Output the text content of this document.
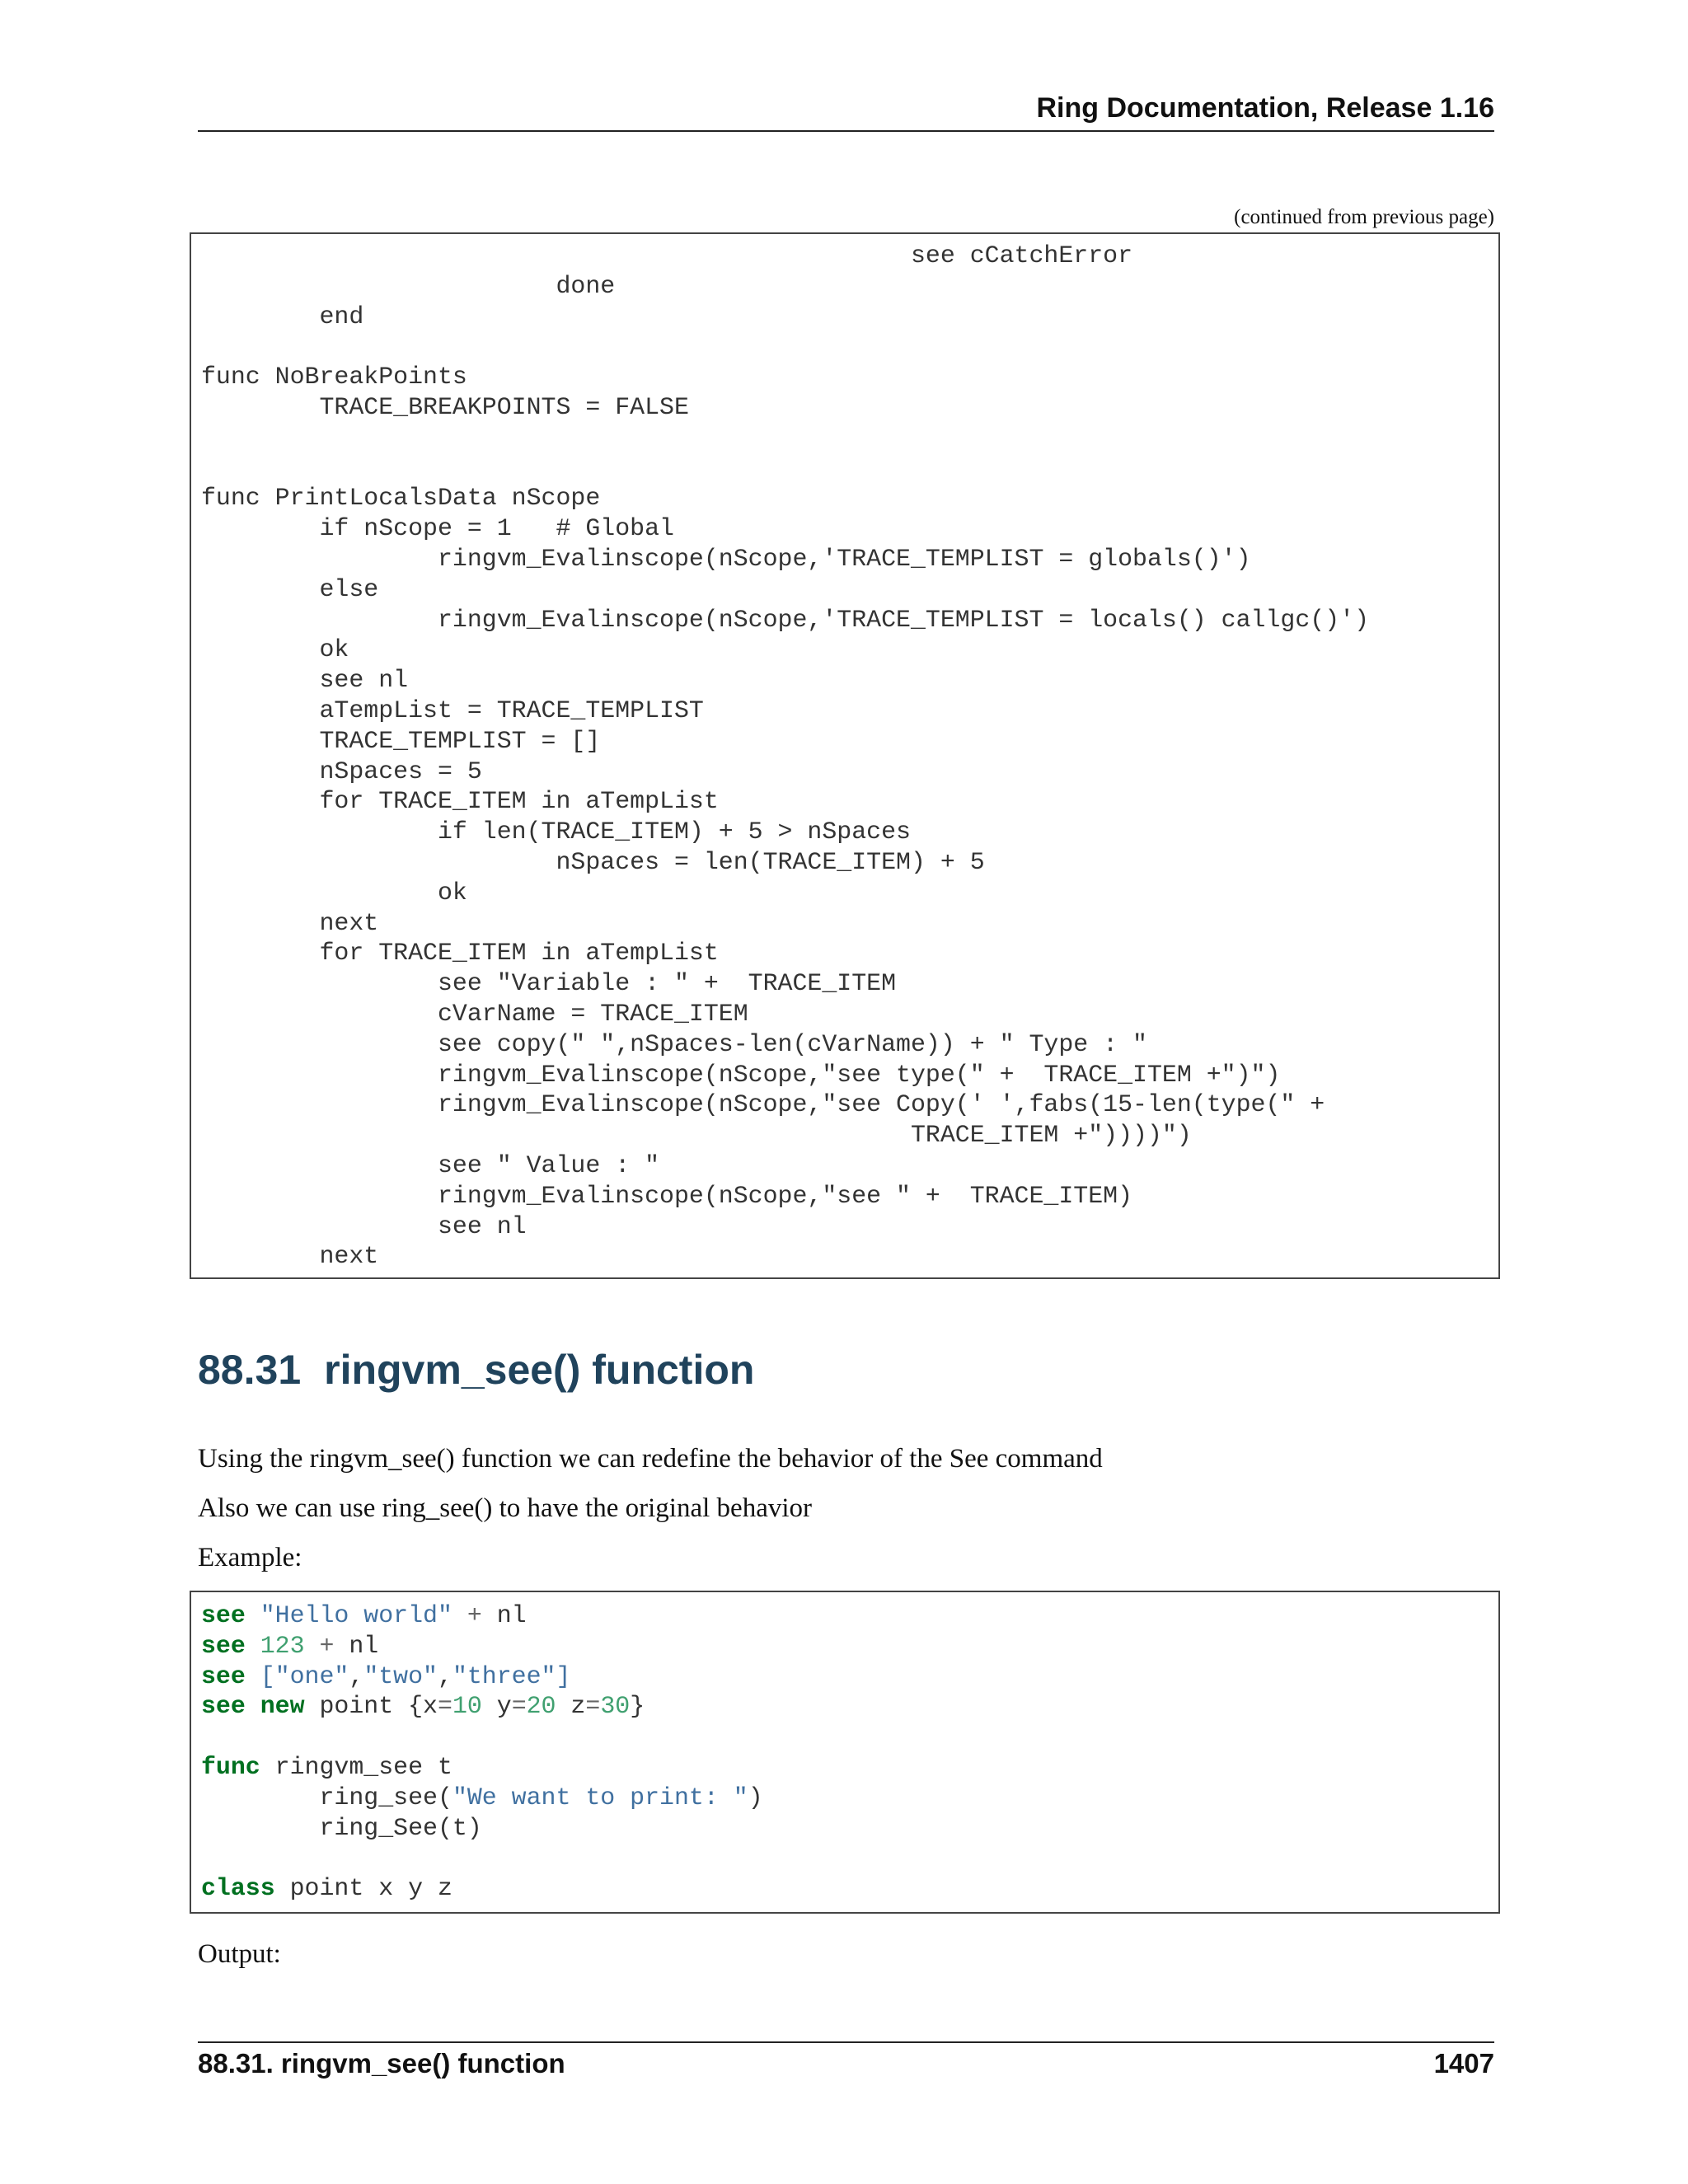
Ring Documentation, Release 1.16
(continued from previous page)
						see cCatchError
			done
	end

func NoBreakPoints
	TRACE_BREAKPOINTS = FALSE

func PrintLocalsData nScope
	if nScope = 1   # Global
		ringvm_Evalinscope(nScope,'TRACE_TEMPLIST = globals()')
	else
		ringvm_Evalinscope(nScope,'TRACE_TEMPLIST = locals() callgc()')
	ok
	see nl
	aTempList = TRACE_TEMPLIST
	TRACE_TEMPLIST = []
	nSpaces = 5
	for TRACE_ITEM in aTempList
		if len(TRACE_ITEM) + 5 > nSpaces
			nSpaces = len(TRACE_ITEM) + 5
		ok
	next
	for TRACE_ITEM in aTempList
		see "Variable : " +  TRACE_ITEM
		cVarName = TRACE_ITEM
		see copy(" ",nSpaces-len(cVarName)) + " Type : "
		ringvm_Evalinscope(nScope,"see type(" +  TRACE_ITEM +")")
		ringvm_Evalinscope(nScope,"see Copy(' ',fabs(15-len(type(" +
						TRACE_ITEM +"))))")
		see " Value : "
		ringvm_Evalinscope(nScope,"see " +  TRACE_ITEM)
		see nl
	next
88.31 ringvm_see() function

Using the ringvm_see() function we can redefine the behavior of the See command

Also we can use ring_see() to have the original behavior

Example:

see "Hello world" + nl
see 123 + nl
see ["one","two","three"]
see new point {x=10 y=20 z=30}

func ringvm_see t
	ring_see("We want to print: ")
	ring_See(t)

class point x y z

Output:

88.31. ringvm_see() function	1407
